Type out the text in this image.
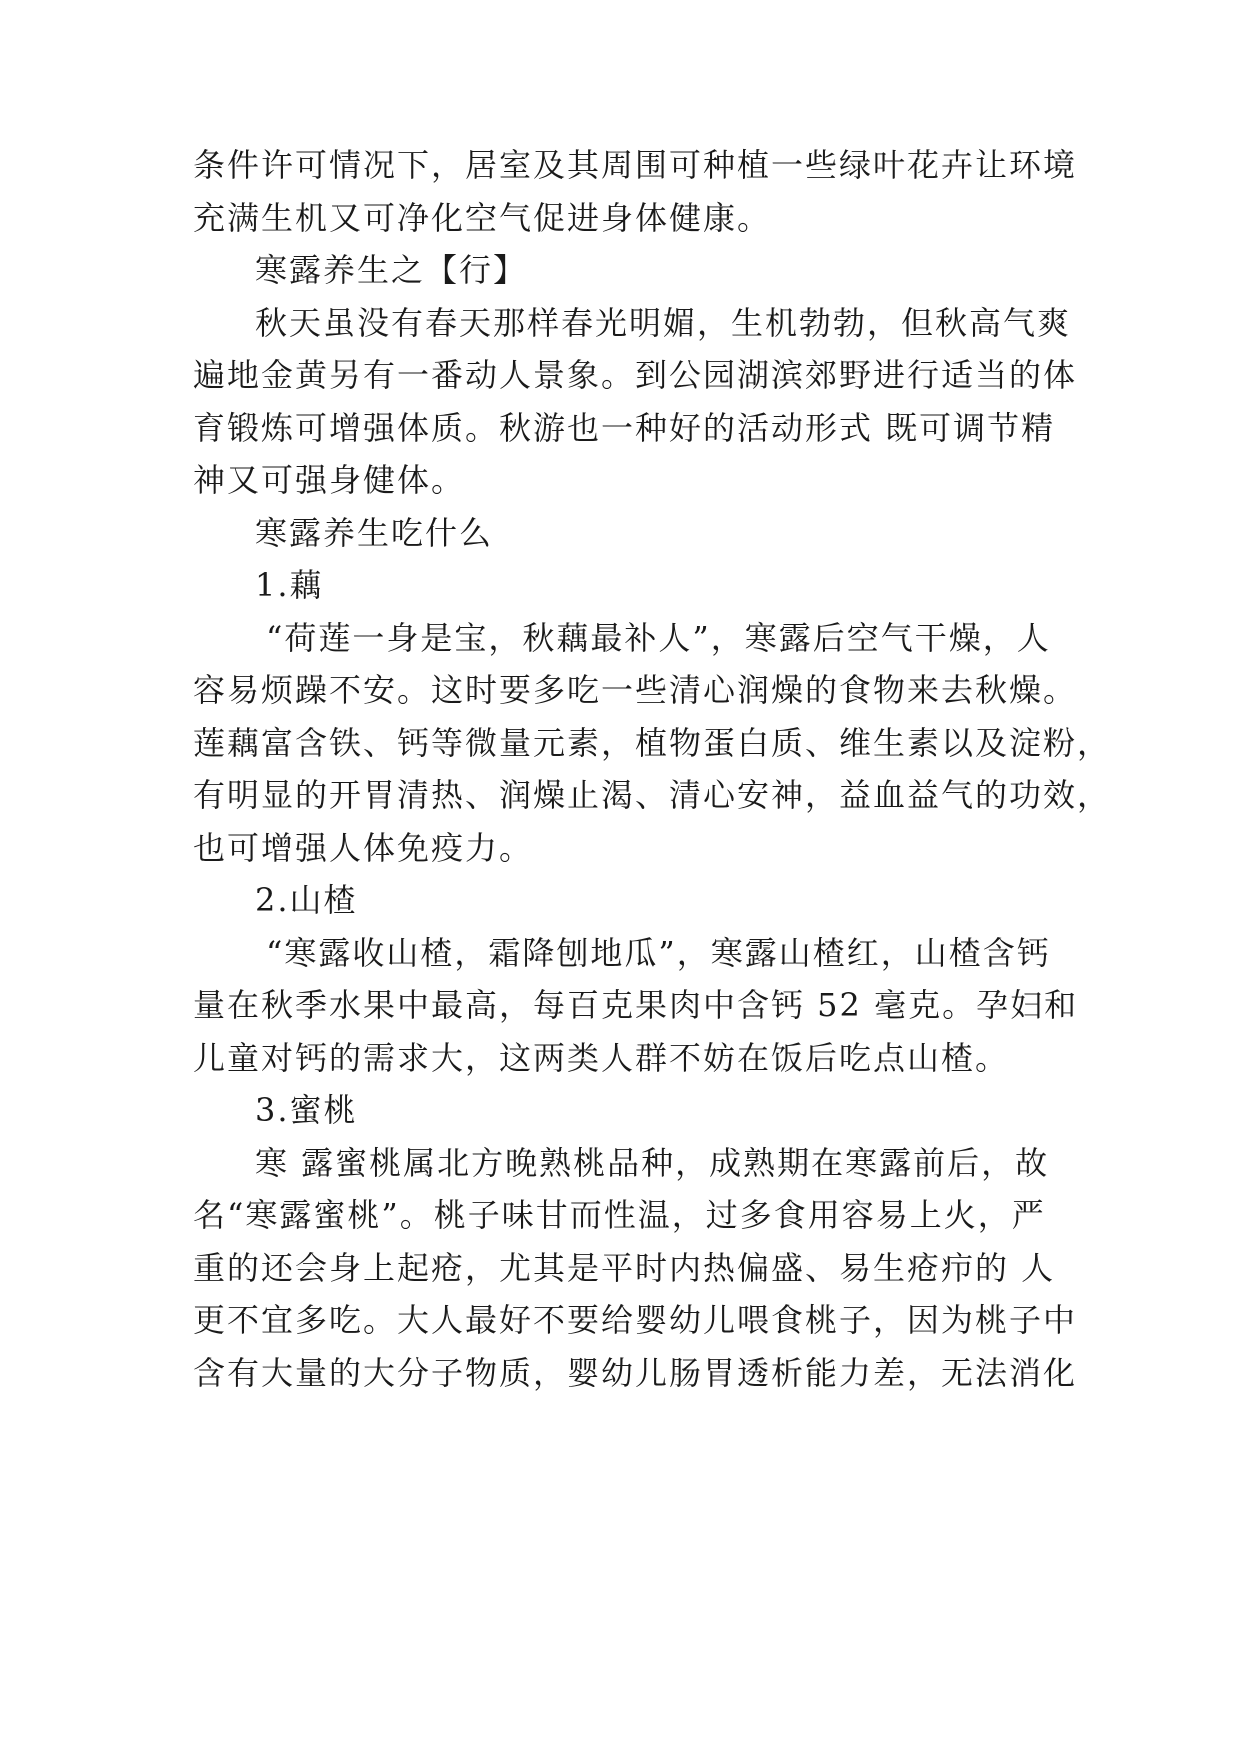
条件许可情况下，居室及其周围可种植一些绿叶花卉让环境
充满生机又可净化空气促进身体健康。
寒露养生之【行】
秋天虽没有春天那样春光明媚，生机勃勃，但秋高气爽
遍地金黄另有一番动人景象。到公园湖滨郊野进行适当的体
育锻炼可增强体质。秋游也一种好的活动形式 既可调节精
神又可强身健体。
寒露养生吃什么
1.藕
“荷莲一身是宝，秋藕最补人”，寒露后空气干燥，人
容易烦躁不安。这时要多吃一些清心润燥的食物来去秋燥。
莲藕富含铁、钙等微量元素，植物蛋白质、维生素以及淀粉，
有明显的开胃清热、润燥止渴、清心安神，益血益气的功效，
也可增强人体免疫力。
2.山楂
“寒露收山楂，霜降刨地瓜”，寒露山楂红，山楂含钙
量在秋季水果中最高，每百克果肉中含钙 52 毫克。孕妇和
儿童对钙的需求大，这两类人群不妨在饭后吃点山楂。
3.蜜桃
寒 露蜜桃属北方晚熟桃品种，成熟期在寒露前后，故
名“寒露蜜桃”。桃子味甘而性温，过多食用容易上火，严
重的还会身上起疮，尤其是平时内热偏盛、易生疮疖的 人
更不宜多吃。大人最好不要给婴幼儿喂食桃子，因为桃子中
含有大量的大分子物质，婴幼儿肠胃透析能力差，无法消化
